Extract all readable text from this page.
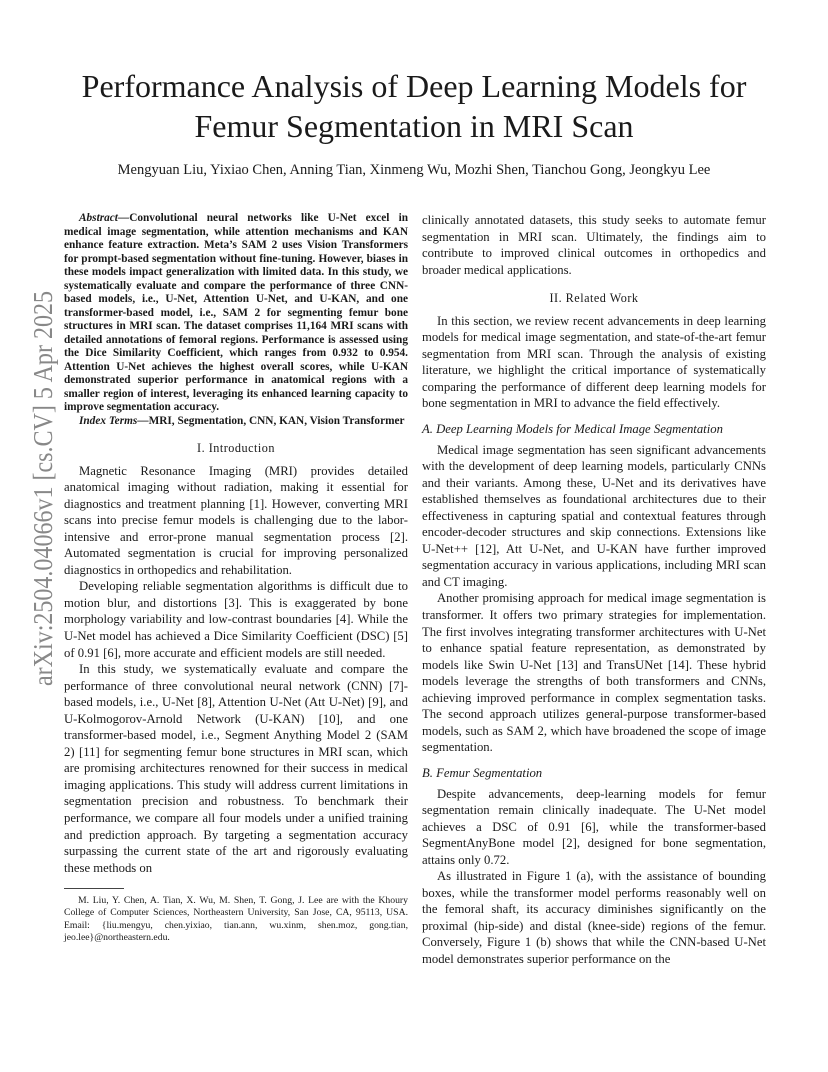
arXiv:2504.04066v1 [cs.CV] 5 Apr 2025
Performance Analysis of Deep Learning Models for
Femur Segmentation in MRI Scan

Mengyuan Liu, Yixiao Chen, Anning Tian, Xinmeng Wu, Mozhi Shen, Tianchou Gong, Jeongkyu Lee

Abstract—Convolutional neural networks like U-Net excel in medical image segmentation, while attention mechanisms and KAN enhance feature extraction. Meta’s SAM 2 uses Vision Transformers for prompt-based segmentation without fine-tuning. However, biases in these models impact generalization with limited data. In this study, we systematically evaluate and compare the performance of three CNN-based models, i.e., U-Net, Attention U-Net, and U-KAN, and one transformer-based model, i.e., SAM 2 for segmenting femur bone structures in MRI scan. The dataset comprises 11,164 MRI scans with detailed annotations of femoral regions. Performance is assessed using the Dice Similarity Coefficient, which ranges from 0.932 to 0.954. Attention U-Net achieves the highest overall scores, while U-KAN demonstrated superior performance in anatomical regions with a smaller region of interest, leveraging its enhanced learning capacity to improve segmentation accuracy.

Index Terms—MRI, Segmentation, CNN, KAN, Vision Transformer

I. Introduction

Magnetic Resonance Imaging (MRI) provides detailed anatomical imaging without radiation, making it essential for diagnostics and treatment planning [1]. However, converting MRI scans into precise femur models is challenging due to the labor-intensive and error-prone manual segmentation process [2]. Automated segmentation is crucial for improving personalized diagnostics in orthopedics and rehabilitation.

Developing reliable segmentation algorithms is difficult due to motion blur, and distortions [3]. This is exaggerated by bone morphology variability and low-contrast boundaries [4]. While the U-Net model has achieved a Dice Similarity Coefficient (DSC) [5] of 0.91 [6], more accurate and efficient models are still needed.

In this study, we systematically evaluate and compare the performance of three convolutional neural network (CNN) [7]-based models, i.e., U-Net [8], Attention U-Net (Att U-Net) [9], and U-Kolmogorov-Arnold Network (U-KAN) [10], and one transformer-based model, i.e., Segment Anything Model 2 (SAM 2) [11] for segmenting femur bone structures in MRI scan, which are promising architectures renowned for their success in medical imaging applications. This study will address current limitations in segmentation precision and robustness. To benchmark their performance, we compare all four models under a unified training and prediction approach. By targeting a segmentation accuracy surpassing the current state of the art and rigorously evaluating these methods on

M. Liu, Y. Chen, A. Tian, X. Wu, M. Shen, T. Gong, J. Lee are with the Khoury College of Computer Sciences, Northeastern University, San Jose, CA, 95113, USA. Email: {liu.mengyu, chen.yixiao, tian.ann, wu.xinm, shen.moz, gong.tian, jeo.lee}@northeastern.edu.

clinically annotated datasets, this study seeks to automate femur segmentation in MRI scan. Ultimately, the findings aim to contribute to improved clinical outcomes in orthopedics and broader medical applications.

II. Related Work

In this section, we review recent advancements in deep learning models for medical image segmentation, and state-of-the-art femur segmentation from MRI scan. Through the analysis of existing literature, we highlight the critical importance of systematically comparing the performance of different deep learning models for bone segmentation in MRI to advance the field effectively.

A. Deep Learning Models for Medical Image Segmentation

Medical image segmentation has seen significant advancements with the development of deep learning models, particularly CNNs and their variants. Among these, U-Net and its derivatives have established themselves as foundational architectures due to their effectiveness in capturing spatial and contextual features through encoder-decoder structures and skip connections. Extensions like U-Net++ [12], Att U-Net, and U-KAN have further improved segmentation accuracy in various applications, including MRI scan and CT imaging.

Another promising approach for medical image segmentation is transformer. It offers two primary strategies for implementation. The first involves integrating transformer architectures with U-Net to enhance spatial feature representation, as demonstrated by models like Swin U-Net [13] and TransUNet [14]. These hybrid models leverage the strengths of both transformers and CNNs, achieving improved performance in complex segmentation tasks. The second approach utilizes general-purpose transformer-based models, such as SAM 2, which have broadened the scope of image segmentation.

B. Femur Segmentation

Despite advancements, deep-learning models for femur segmentation remain clinically inadequate. The U-Net model achieves a DSC of 0.91 [6], while the transformer-based SegmentAnyBone model [2], designed for bone segmentation, attains only 0.72.

As illustrated in Figure 1 (a), with the assistance of bounding boxes, while the transformer model performs reasonably well on the femoral shaft, its accuracy diminishes significantly on the proximal (hip-side) and distal (knee-side) regions of the femur. Conversely, Figure 1 (b) shows that while the CNN-based U-Net model demonstrates superior performance on the
